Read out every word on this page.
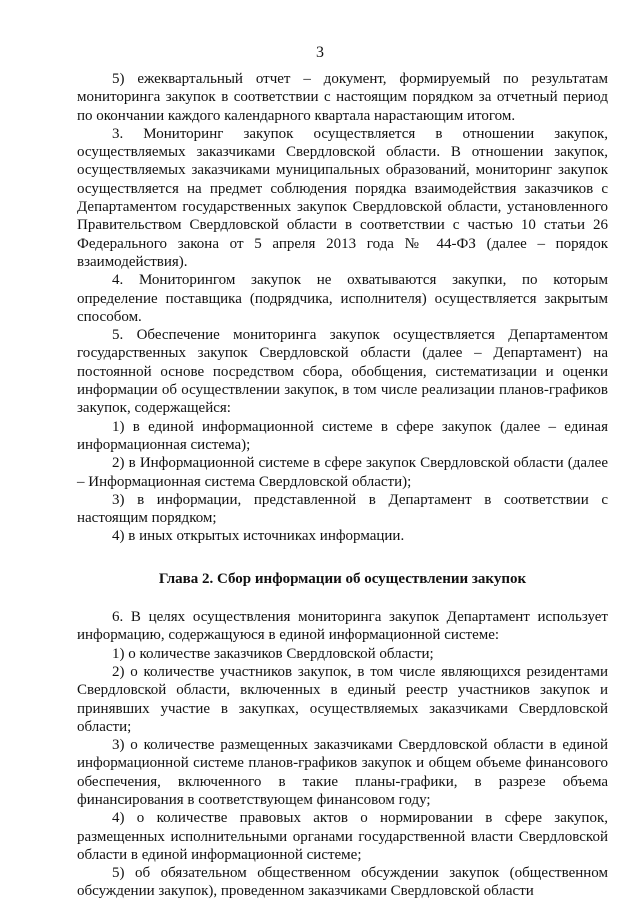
3

5) ежеквартальный отчет – документ, формируемый по результатам мониторинга закупок в соответствии с настоящим порядком за отчетный период по окончании каждого календарного квартала нарастающим итогом.

3. Мониторинг закупок осуществляется в отношении закупок, осуществляемых заказчиками Свердловской области. В отношении закупок, осуществляемых заказчиками муниципальных образований, мониторинг закупок осуществляется на предмет соблюдения порядка взаимодействия заказчиков с Департаментом государственных закупок Свердловской области, установленного Правительством Свердловской области в соответствии с частью 10 статьи 26 Федерального закона от 5 апреля 2013 года № 44-ФЗ (далее – порядок взаимодействия).

4. Мониторингом закупок не охватываются закупки, по которым определение поставщика (подрядчика, исполнителя) осуществляется закрытым способом.

5. Обеспечение мониторинга закупок осуществляется Департаментом государственных закупок Свердловской области (далее – Департамент) на постоянной основе посредством сбора, обобщения, систематизации и оценки информации об осуществлении закупок, в том числе реализации планов-графиков закупок, содержащейся:

1) в единой информационной системе в сфере закупок (далее – единая информационная система);

2) в Информационной системе в сфере закупок Свердловской области (далее – Информационная система Свердловской области);

3) в информации, представленной в Департамент в соответствии с настоящим порядком;

4) в иных открытых источниках информации.

Глава 2. Сбор информации об осуществлении закупок

6. В целях осуществления мониторинга закупок Департамент использует информацию, содержащуюся в единой информационной системе:

1) о количестве заказчиков Свердловской области;

2) о количестве участников закупок, в том числе являющихся резидентами Свердловской области, включенных в единый реестр участников закупок и принявших участие в закупках, осуществляемых заказчиками Свердловской области;

3) о количестве размещенных заказчиками Свердловской области в единой информационной системе планов-графиков закупок и общем объеме финансового обеспечения, включенного в такие планы-графики, в разрезе объема финансирования в соответствующем финансовом году;

4) о количестве правовых актов о нормировании в сфере закупок, размещенных исполнительными органами государственной власти Свердловской области в единой информационной системе;

5) об обязательном общественном обсуждении закупок (общественном обсуждении закупок), проведенном заказчиками Свердловской области
